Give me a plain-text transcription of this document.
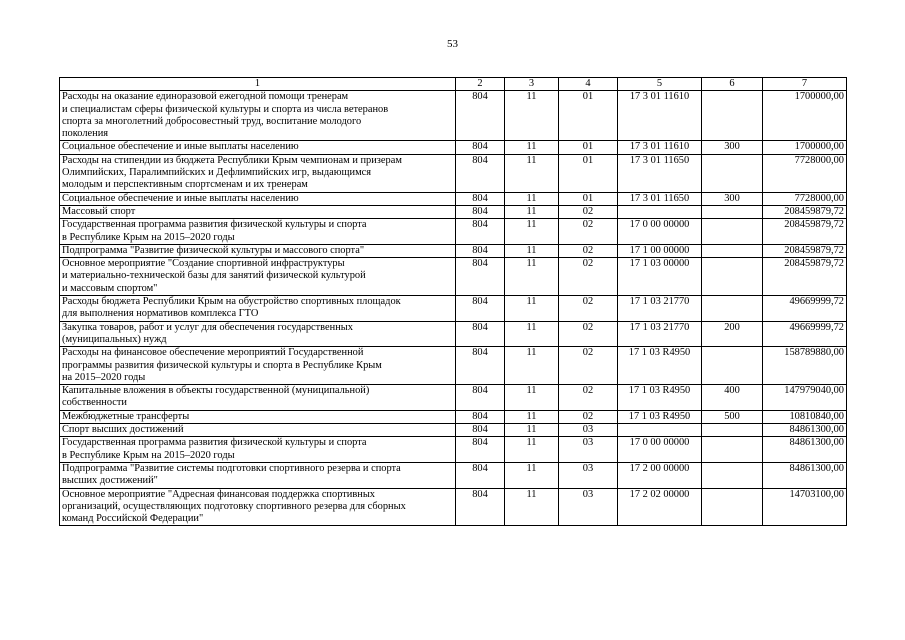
53
1	2	3	4	5	6	7
Расходы на оказание единоразовой ежегодной помощи тренерам
и специалистам сферы физической культуры и спорта из числа ветеранов
спорта за многолетний добросовестный труд, воспитание молодого
поколения	804	11	01	17 3 01 11610		1700000,00
Социальное обеспечение и иные выплаты населению	804	11	01	17 3 01 11610	300	1700000,00
Расходы на стипендии из бюджета Республики Крым чемпионам и призерам
Олимпийских, Паралимпийских и Дефлимпийских игр, выдающимся
молодым и перспективным спортсменам и их тренерам	804	11	01	17 3 01 11650		7728000,00
Социальное обеспечение и иные выплаты населению	804	11	01	17 3 01 11650	300	7728000,00
Массовый спорт	804	11	02			208459879,72
Государственная программа развития физической культуры и спорта
в Республике Крым на 2015–2020 годы	804	11	02	17 0 00 00000		208459879,72
Подпрограмма "Развитие физической культуры и массового спорта"	804	11	02	17 1 00 00000		208459879,72
Основное мероприятие "Создание спортивной инфраструктуры
и материально-технической базы для занятий физической культурой
и массовым спортом"	804	11	02	17 1 03 00000		208459879,72
Расходы бюджета Республики Крым на обустройство спортивных площадок
для выполнения нормативов комплекса ГТО	804	11	02	17 1 03 21770		49669999,72
Закупка товаров, работ и услуг для обеспечения государственных
(муниципальных) нужд	804	11	02	17 1 03 21770	200	49669999,72
Расходы на финансовое обеспечение мероприятий Государственной
программы развития физической культуры и спорта в Республике Крым
на 2015–2020 годы	804	11	02	17 1 03 R4950		158789880,00
Капитальные вложения в объекты государственной (муниципальной)
собственности	804	11	02	17 1 03 R4950	400	147979040,00
Межбюджетные трансферты	804	11	02	17 1 03 R4950	500	10810840,00
Спорт высших достижений	804	11	03			84861300,00
Государственная программа развития физической культуры и спорта
в Республике Крым на 2015–2020 годы	804	11	03	17 0 00 00000		84861300,00
Подпрограмма "Развитие системы подготовки спортивного резерва и спорта
высших достижений"	804	11	03	17 2 00 00000		84861300,00
Основное мероприятие "Адресная финансовая поддержка спортивных
организаций, осуществляющих подготовку спортивного резерва для сборных
команд Российской Федерации"	804	11	03	17 2 02 00000		14703100,00
